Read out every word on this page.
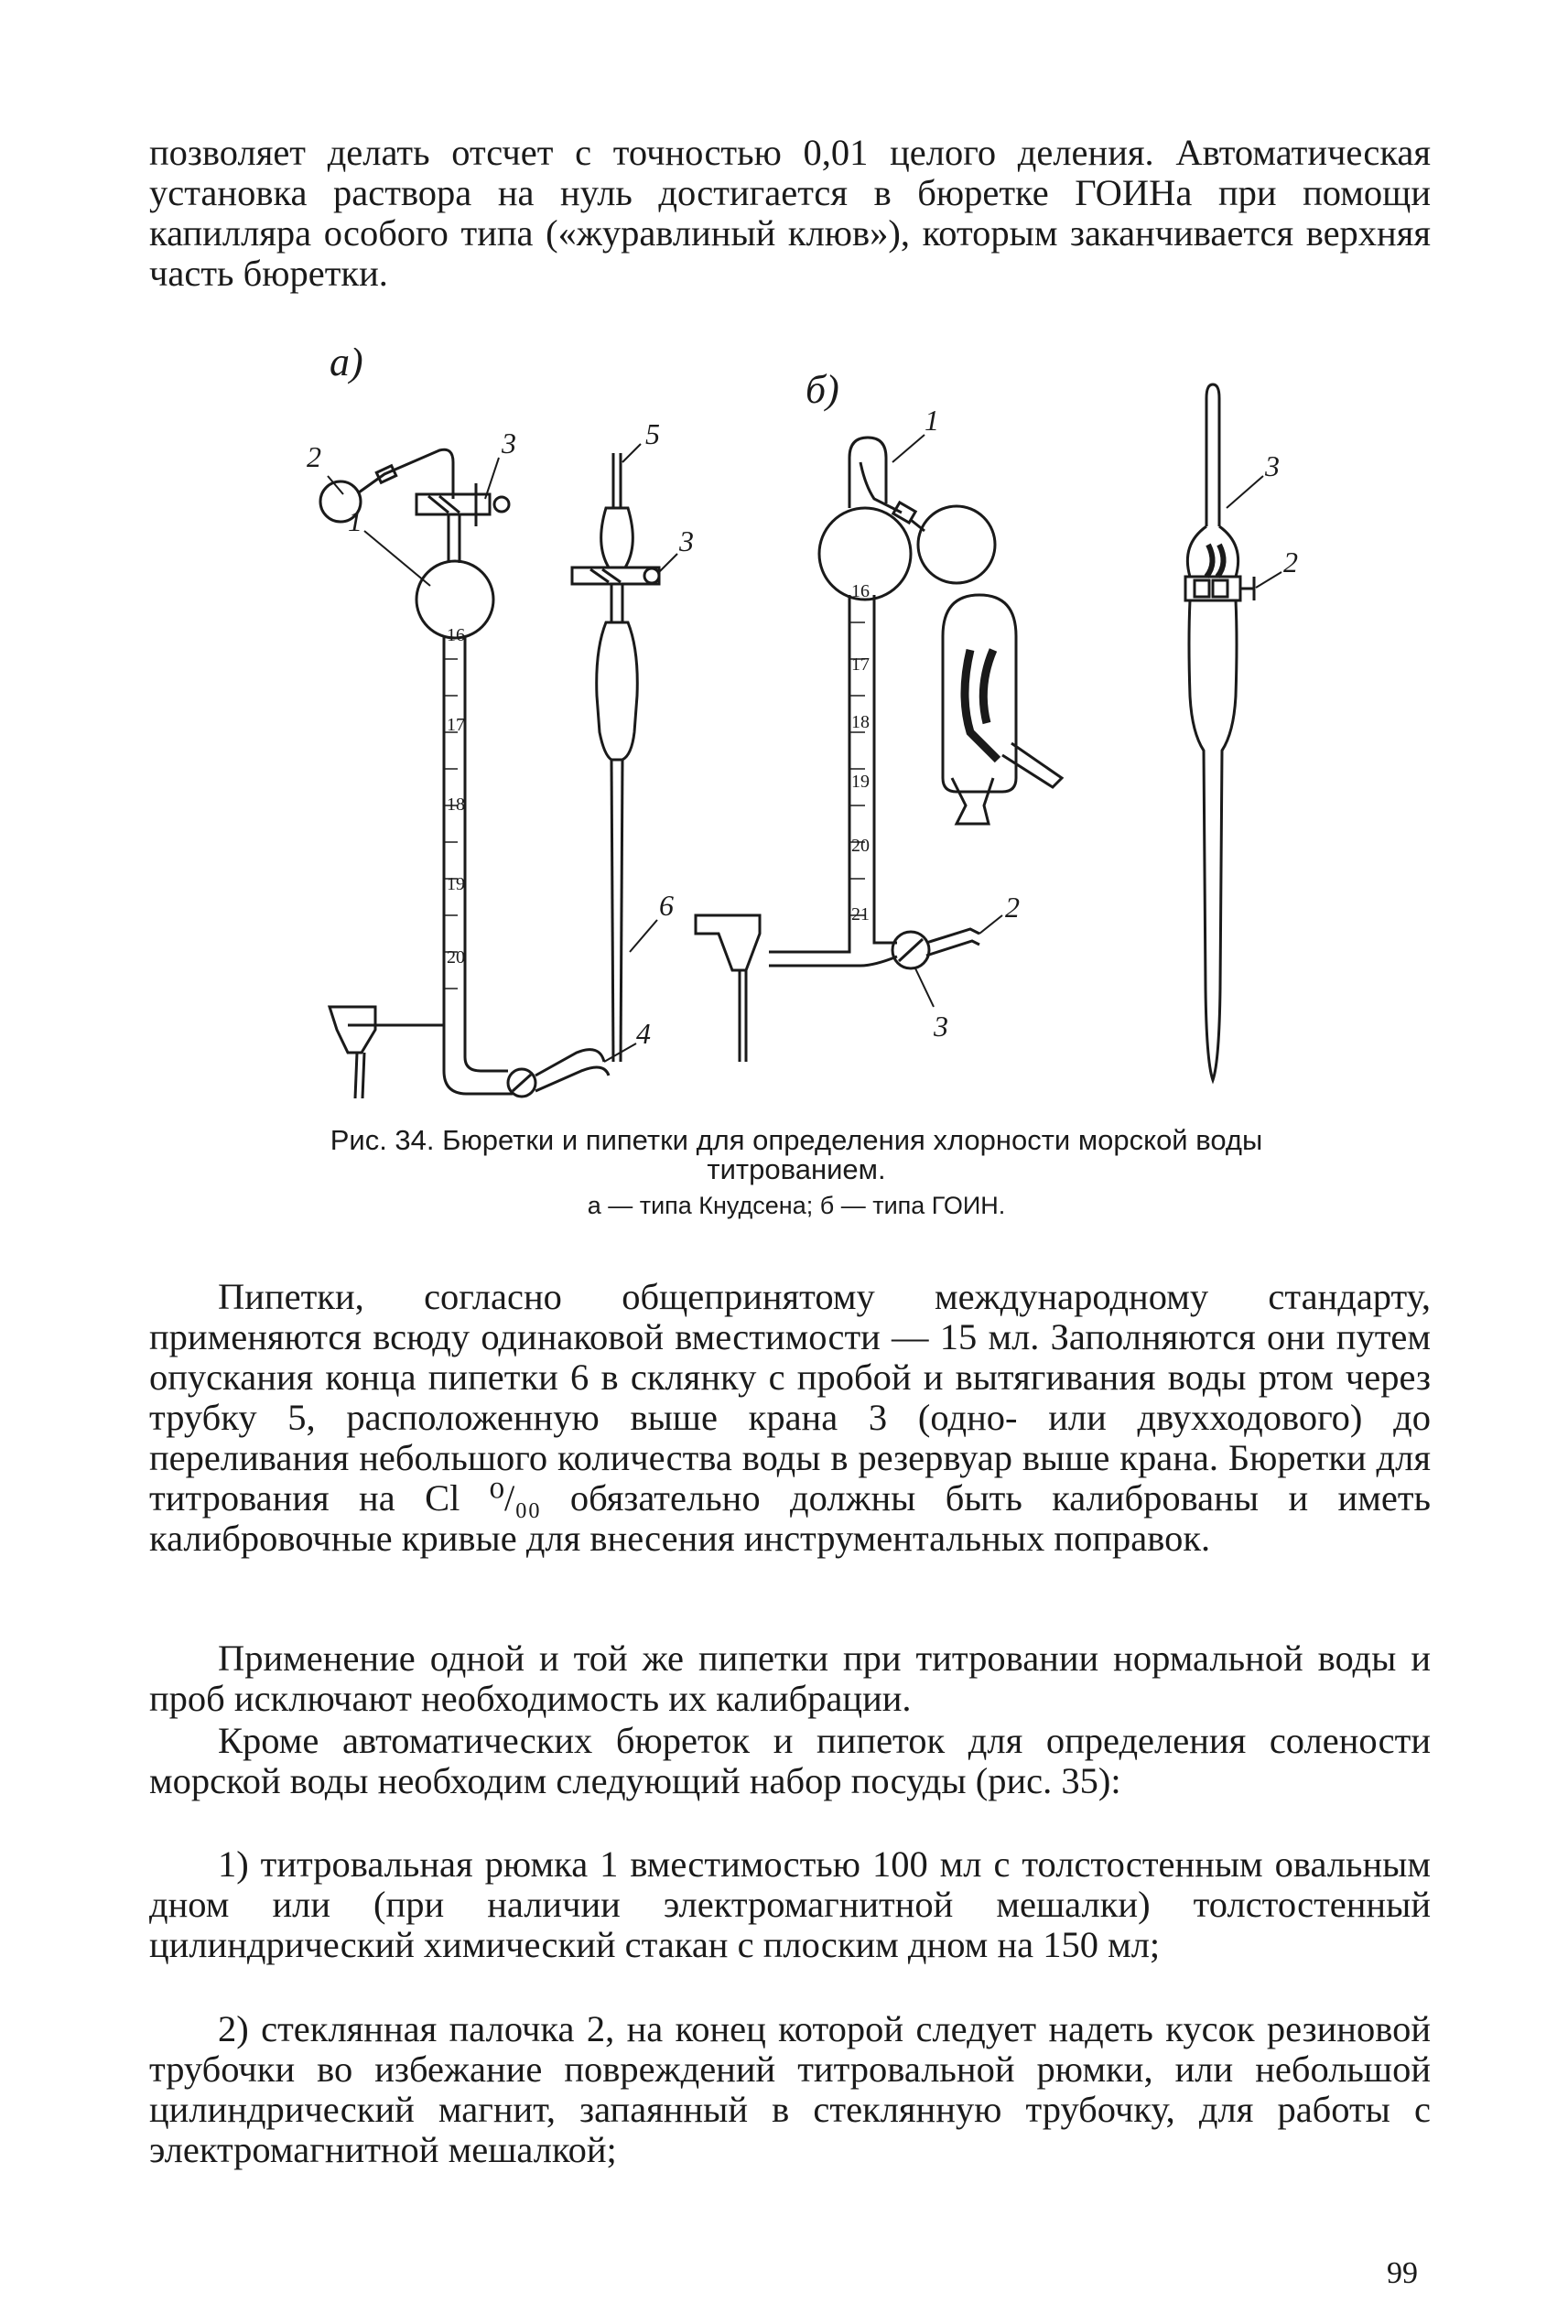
позволяет делать отсчет с точностью 0,01 целого деления. Автоматическая установка раствора на нуль достигается в бюретке ГОИНа при помощи капилляра особого типа («журавлиный клюв»), которым заканчивается верхняя часть бюретки.

а)
16
17
18
19
20
1
2	3
4
5
3
6
б)
16
17
18
19
20
21
1
2
3
3
2

Рис. 34. Бюретки и пипетки для определения хлорности морской воды титрованием.

а — типа Кнудсена; б — типа ГОИН.

Пипетки, согласно общепринятому международному стандарту, применяются всюду одинаковой вместимости — 15 мл. Заполняются они путем опускания конца пипетки 6 в склянку с пробой и вытягивания воды ртом через трубку 5, расположенную выше крана 3 (одно- или двухходового) до переливания небольшого количества воды в резервуар выше крана. Бюретки для титрования на Cl ⁰/₀₀ обязательно должны быть калиброваны и иметь калибровочные кривые для внесения инструментальных поправок.

Применение одной и той же пипетки при титровании нормальной воды и проб исключают необходимость их калибрации.

Кроме автоматических бюреток и пипеток для определения солености морской воды необходим следующий набор посуды (рис. 35):

1) титровальная рюмка 1 вместимостью 100 мл с толстостенным овальным дном или (при наличии электромагнитной мешалки) толстостенный цилиндрический химический стакан с плоским дном на 150 мл;

2) стеклянная палочка 2, на конец которой следует надеть кусок резиновой трубочки во избежание повреждений титровальной рюмки, или небольшой цилиндрический магнит, запаянный в стеклянную трубочку, для работы с электромагнитной мешалкой;

99
